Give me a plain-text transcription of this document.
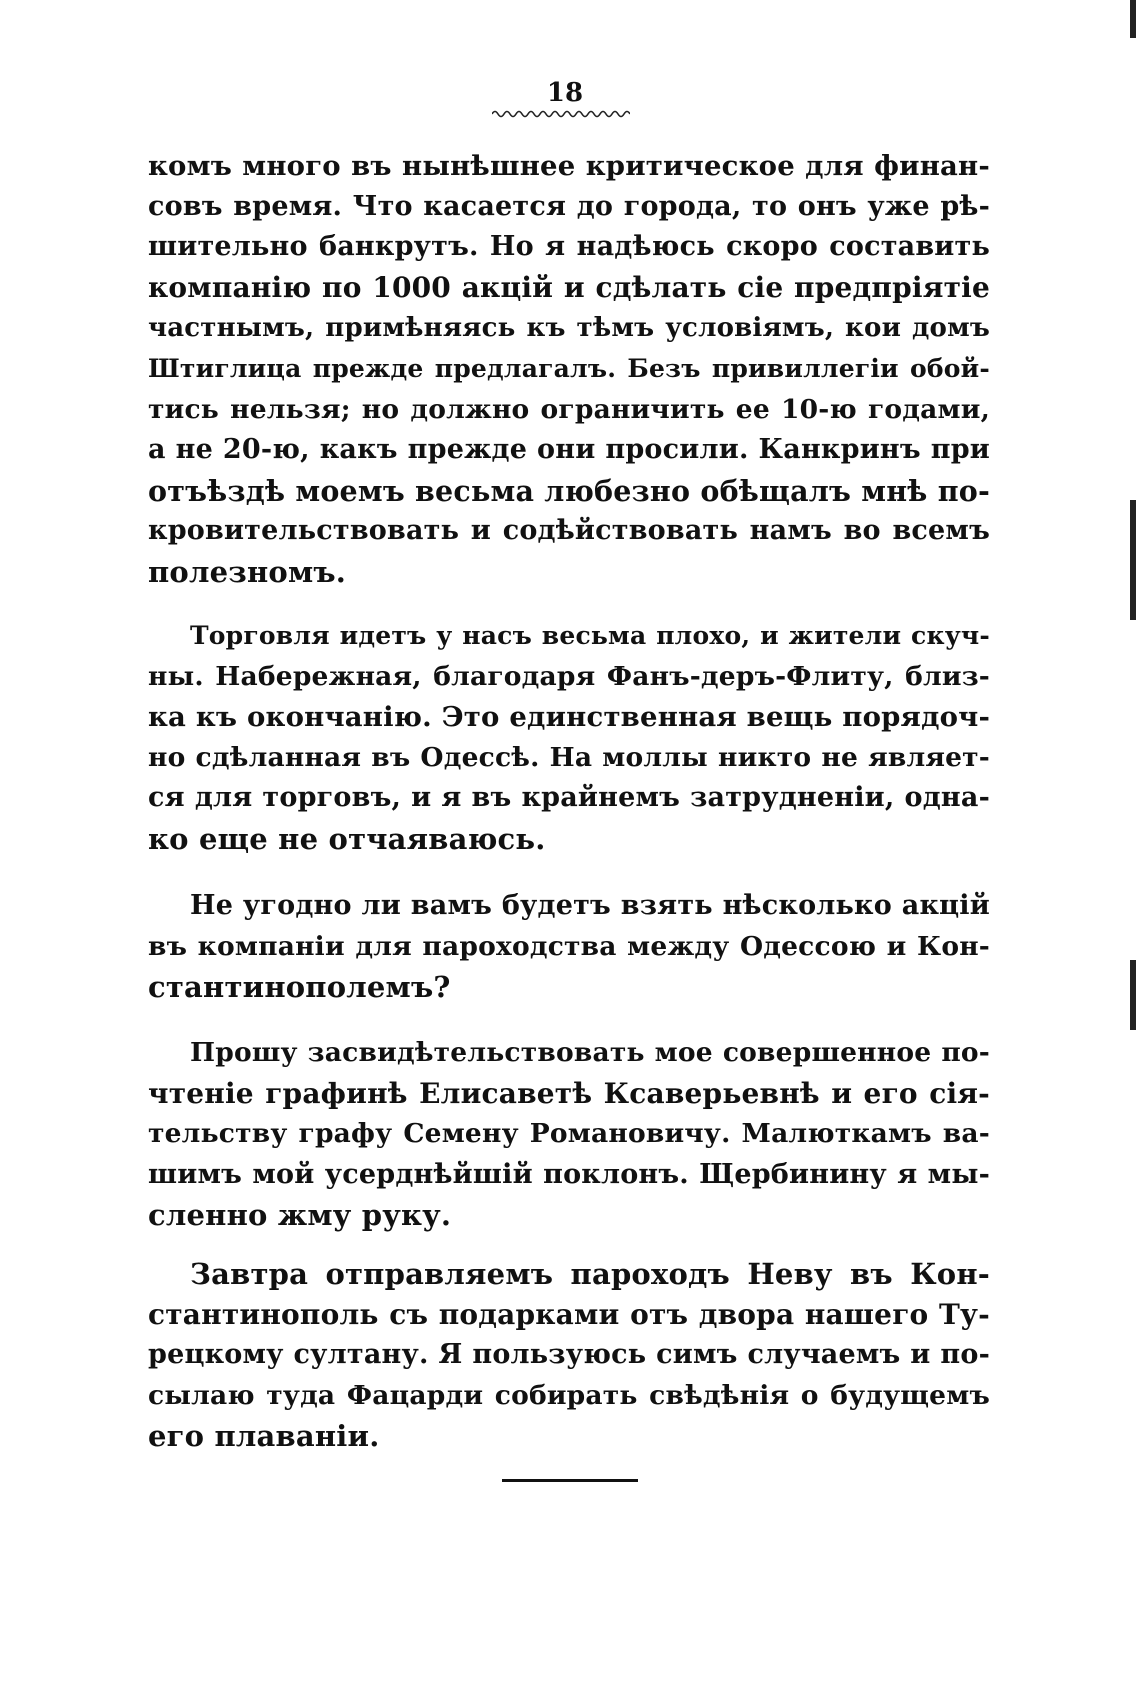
18
комъ много въ нынѣшнее критическое для финан-
совъ время. Что касается до города, то онъ уже рѣ-
шительно банкрутъ. Но я надѣюсь скоро составить
компанію по 1000 акцій и сдѣлать сіе предпріятіе
частнымъ, примѣняясь къ тѣмъ условіямъ, кои домъ
Штиглица прежде предлагалъ. Безъ привиллегіи обой-
тись нельзя; но должно ограничить ее 10-ю годами,
а не 20-ю, какъ прежде они просили. Канкринъ при
отъѣздѣ моемъ весьма любезно обѣщалъ мнѣ по-
кровительствовать и содѣйствовать намъ во всемъ
полезномъ.
Торговля идетъ у насъ весьма плохо, и жители скуч-
ны. Набережная, благодаря Фанъ-деръ-Флиту, близ-
ка къ окончанію. Это единственная вещь порядоч-
но сдѣланная въ Одессѣ. На моллы никто не являет-
ся для торговъ, и я въ крайнемъ затрудненіи, одна-
ко еще не отчаяваюсь.
Не угодно ли вамъ будетъ взять нѣсколько акцій
въ компаніи для пароходства между Одессою и Кон-
стантинополемъ?
Прошу засвидѣтельствовать мое совершенное по-
чтеніе графинѣ Елисаветѣ Ксаверьевнѣ и его сія-
тельству графу Семену Романовичу. Малюткамъ ва-
шимъ мой усерднѣйшій поклонъ. Щербинину я мы-
сленно жму руку.
Завтра отправляемъ пароходъ Неву въ Кон-
стантинополь съ подарками отъ двора нашего Ту-
рецкому султану. Я пользуюсь симъ случаемъ и по-
сылаю туда Фацарди собирать свѣдѣнія о будущемъ
его плаваніи.
